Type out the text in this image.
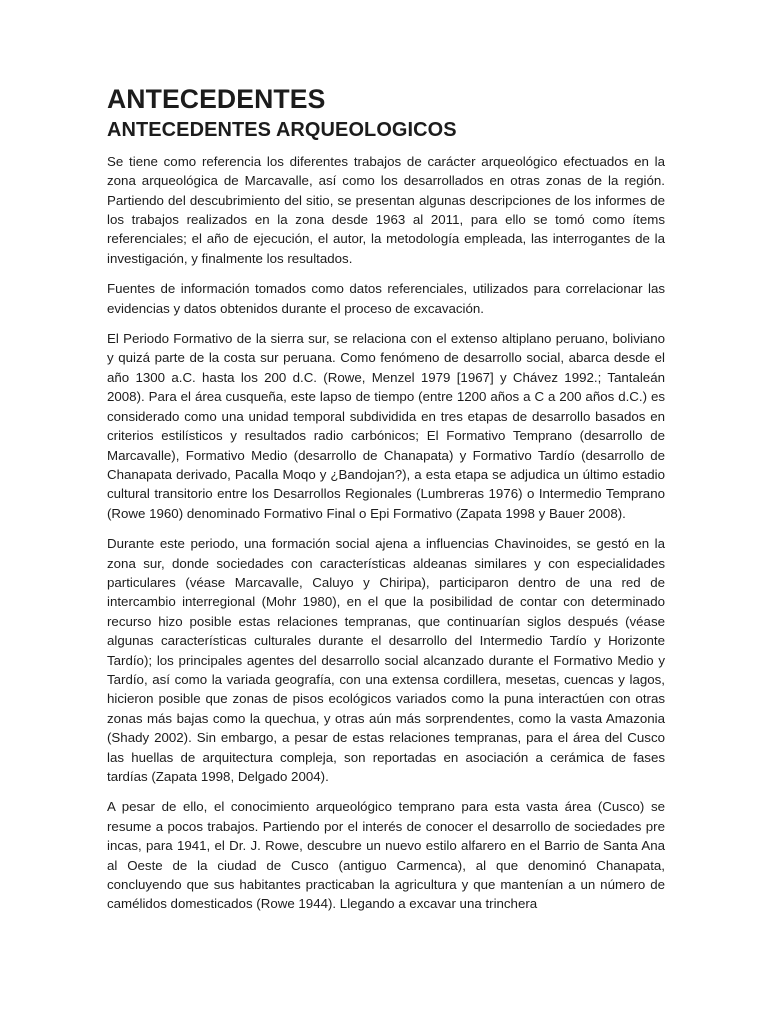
ANTECEDENTES
ANTECEDENTES ARQUEOLOGICOS

Se tiene como referencia los diferentes trabajos de carácter arqueológico efectuados en la zona arqueológica de Marcavalle, así como los desarrollados en otras zonas de la región. Partiendo del descubrimiento del sitio, se presentan algunas descripciones de los informes de los trabajos realizados en la zona desde 1963 al 2011, para ello se tomó como ítems referenciales; el año de ejecución, el autor, la metodología empleada, las interrogantes de la investigación, y finalmente los resultados.

Fuentes de información tomados como datos referenciales, utilizados para correlacionar las evidencias y datos obtenidos durante el proceso de excavación.

El Periodo Formativo de la sierra sur, se relaciona con el extenso altiplano peruano, boliviano y quizá parte de la costa sur peruana. Como fenómeno de desarrollo social, abarca desde el año 1300 a.C. hasta los 200 d.C. (Rowe, Menzel 1979 [1967] y Chávez 1992.; Tantaleán 2008). Para el área cusqueña, este lapso de tiempo (entre 1200 años a C a 200 años d.C.) es considerado como una unidad temporal subdividida en tres etapas de desarrollo basados en criterios estilísticos y resultados radio carbónicos; El Formativo Temprano (desarrollo de Marcavalle), Formativo Medio (desarrollo de Chanapata) y Formativo Tardío (desarrollo de Chanapata derivado, Pacalla Moqo y ¿Bandojan?), a esta etapa se adjudica un último estadio cultural transitorio entre los Desarrollos Regionales (Lumbreras 1976) o Intermedio Temprano (Rowe 1960) denominado Formativo Final o Epi Formativo (Zapata 1998 y Bauer 2008).

Durante este periodo, una formación social ajena a influencias Chavinoides, se gestó en la zona sur, donde sociedades con características aldeanas similares y con especialidades particulares (véase Marcavalle, Caluyo y Chiripa), participaron dentro de una red de intercambio interregional (Mohr 1980), en el que la posibilidad de contar con determinado recurso hizo posible estas relaciones tempranas, que continuarían siglos después (véase algunas características culturales durante el desarrollo del Intermedio Tardío y Horizonte Tardío); los principales agentes del desarrollo social alcanzado durante el Formativo Medio y Tardío, así como la variada geografía, con una extensa cordillera, mesetas, cuencas y lagos, hicieron posible que zonas de pisos ecológicos variados como la puna interactúen con otras zonas más bajas como la quechua, y otras aún más sorprendentes, como la vasta Amazonia (Shady 2002). Sin embargo, a pesar de estas relaciones tempranas, para el área del Cusco las huellas de arquitectura compleja, son reportadas en asociación a cerámica de fases tardías (Zapata 1998, Delgado 2004).

A pesar de ello, el conocimiento arqueológico temprano para esta vasta área (Cusco) se resume a pocos trabajos. Partiendo por el interés de conocer el desarrollo de sociedades pre incas, para 1941, el Dr. J. Rowe, descubre un nuevo estilo alfarero en el Barrio de Santa Ana al Oeste de la ciudad de Cusco (antiguo Carmenca), al que denominó Chanapata, concluyendo que sus habitantes practicaban la agricultura y que mantenían a un número de camélidos domesticados (Rowe 1944). Llegando a excavar una trinchera
